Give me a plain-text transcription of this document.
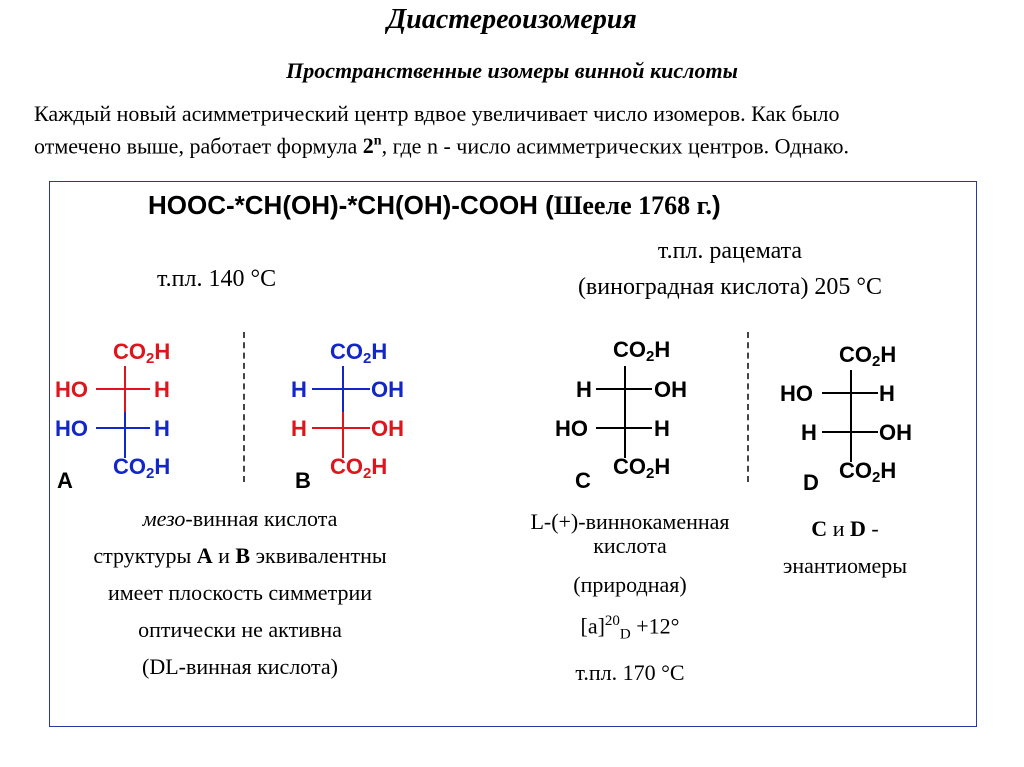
Диастереоизомерия
Пространственные изомеры винной кислоты
Каждый новый асимметрический центр вдвое увеличивает число изомеров. Как было
отмечено выше, работает формула 2$^n$, где n - число асимметрических центров. Однако.
HOOC-*CH(OH)-*CH(OH)-COOH (Шееле 1768 г.)
т.пл. 140 °С
т.пл. рацемата
(виноградная кислота) 205 °С
$CO_2H$
HO	H
HO	H
$CO_2H$
A
$CO_2H$
H	OH
H	OH
$CO_2H$
B
$CO_2H$
H	OH
HO	H
$CO_2H$
C
$CO_2H$
HO	H
H	OH
$CO_2H$
D
мезо-винная кислота
структуры А и В эквивалентны
имеет плоскость симметрии
оптически не активна
(DL-винная кислота)
L-(+)-виннокаменная
кислота
(природная)
$[a]^{20}_D +12^\circ$
т.пл. 170 °С
С и D -
энантиомеры
